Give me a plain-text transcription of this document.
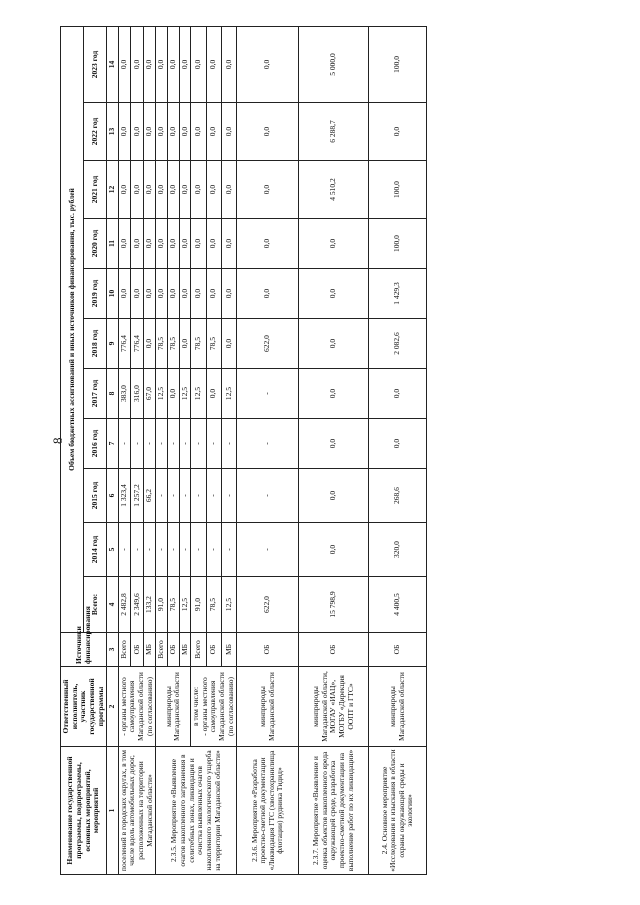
8
Наименование государственной программы, подпрограммы, основных мероприятий, мероприятий	Ответственный исполнитель, участник государственной программы	Источники финансирования	Объем бюджетных ассигнований и иных источников финансирования, тыс. рублей										
			Всего:	2014 год	2015 год	2016 год	2017 год	2018 год	2019 год	2020 год	2021 год	2022 год	2023 год
1	2	3	4	5	6	7	8	9	10	11	12	13	14
поселений в городских округах, в том числе вдоль автомобильных дорог, расположенных на территории Магаданской области»	- органы местного самоуправления Магаданской области (по согласованию)	Всего	2 482,8	-	1 323,4	-	383,0	776,4	0,0	0,0	0,0	0,0	0,0
		ОБ	2 349,6	-	1 257,2	-	316,0	776,4	0,0	0,0	0,0	0,0	0,0
		МБ	133,2	-	66,2	-	67,0	0,0	0,0	0,0	0,0	0,0	0,0
2.3.5. Мероприятие «Выявление очагов накопленного загрязнения в селитебных зонах, ликвидация и очистка выявленных очагов накопленного экологического ущерба на территории Магаданской области»	минприроды Магаданской области	Всего	91,0	-	-	-	12,5	78,5	0,0	0,0	0,0	0,0	0,0
		ОБ	78,5	-	-	-	0,0	78,5	0,0	0,0	0,0	0,0	0,0
		МБ	12,5	-	-	-	12,5	0,0	0,0	0,0	0,0	0,0	0,0

	в том числе: - органы местного самоуправления Магаданской области (по согласованию)	Всего	91,0	-	-	-	12,5	78,5	0,0	0,0	0,0	0,0	0,0
		ОБ	78,5	-	-	-	0,0	78,5	0,0	0,0	0,0	0,0	0,0
		МБ	12,5	-	-	-	12,5	0,0	0,0	0,0	0,0	0,0	0,0
2.3.6. Мероприятие «Разработка проектно-сметной документации «Ликвидация ГТС (хвостохранилища флотации) рудника Тидид»	минприроды Магаданской области	ОБ	622,0	-	-	-	-	622,0	0,0	0,0	0,0	0,0	0,0
2.3.7. Мероприятие «Выявление и оценка объектов накопленного вреда окружающей среде, разработка проектно-сметной документации на выполнение работ по их ликвидации»	минприроды Магаданской области, МОГАУ «ИАЦ», МОГБУ «Дирекция ООПТ и ГТС»	ОБ	15 798,9	0,0	0,0	0,0	0,0	0,0	0,0	0,0	4 510,2	6 288,7	5 000,0
2.4. Основное мероприятие «Исследования и изыскания в области охраны окружающей среды и экологии»	минприроды Магаданской области	ОБ	4 400,5	320,0	268,6	0,0	0,0	2 082,6	1 429,3	100,0	100,0	0,0	100,0
